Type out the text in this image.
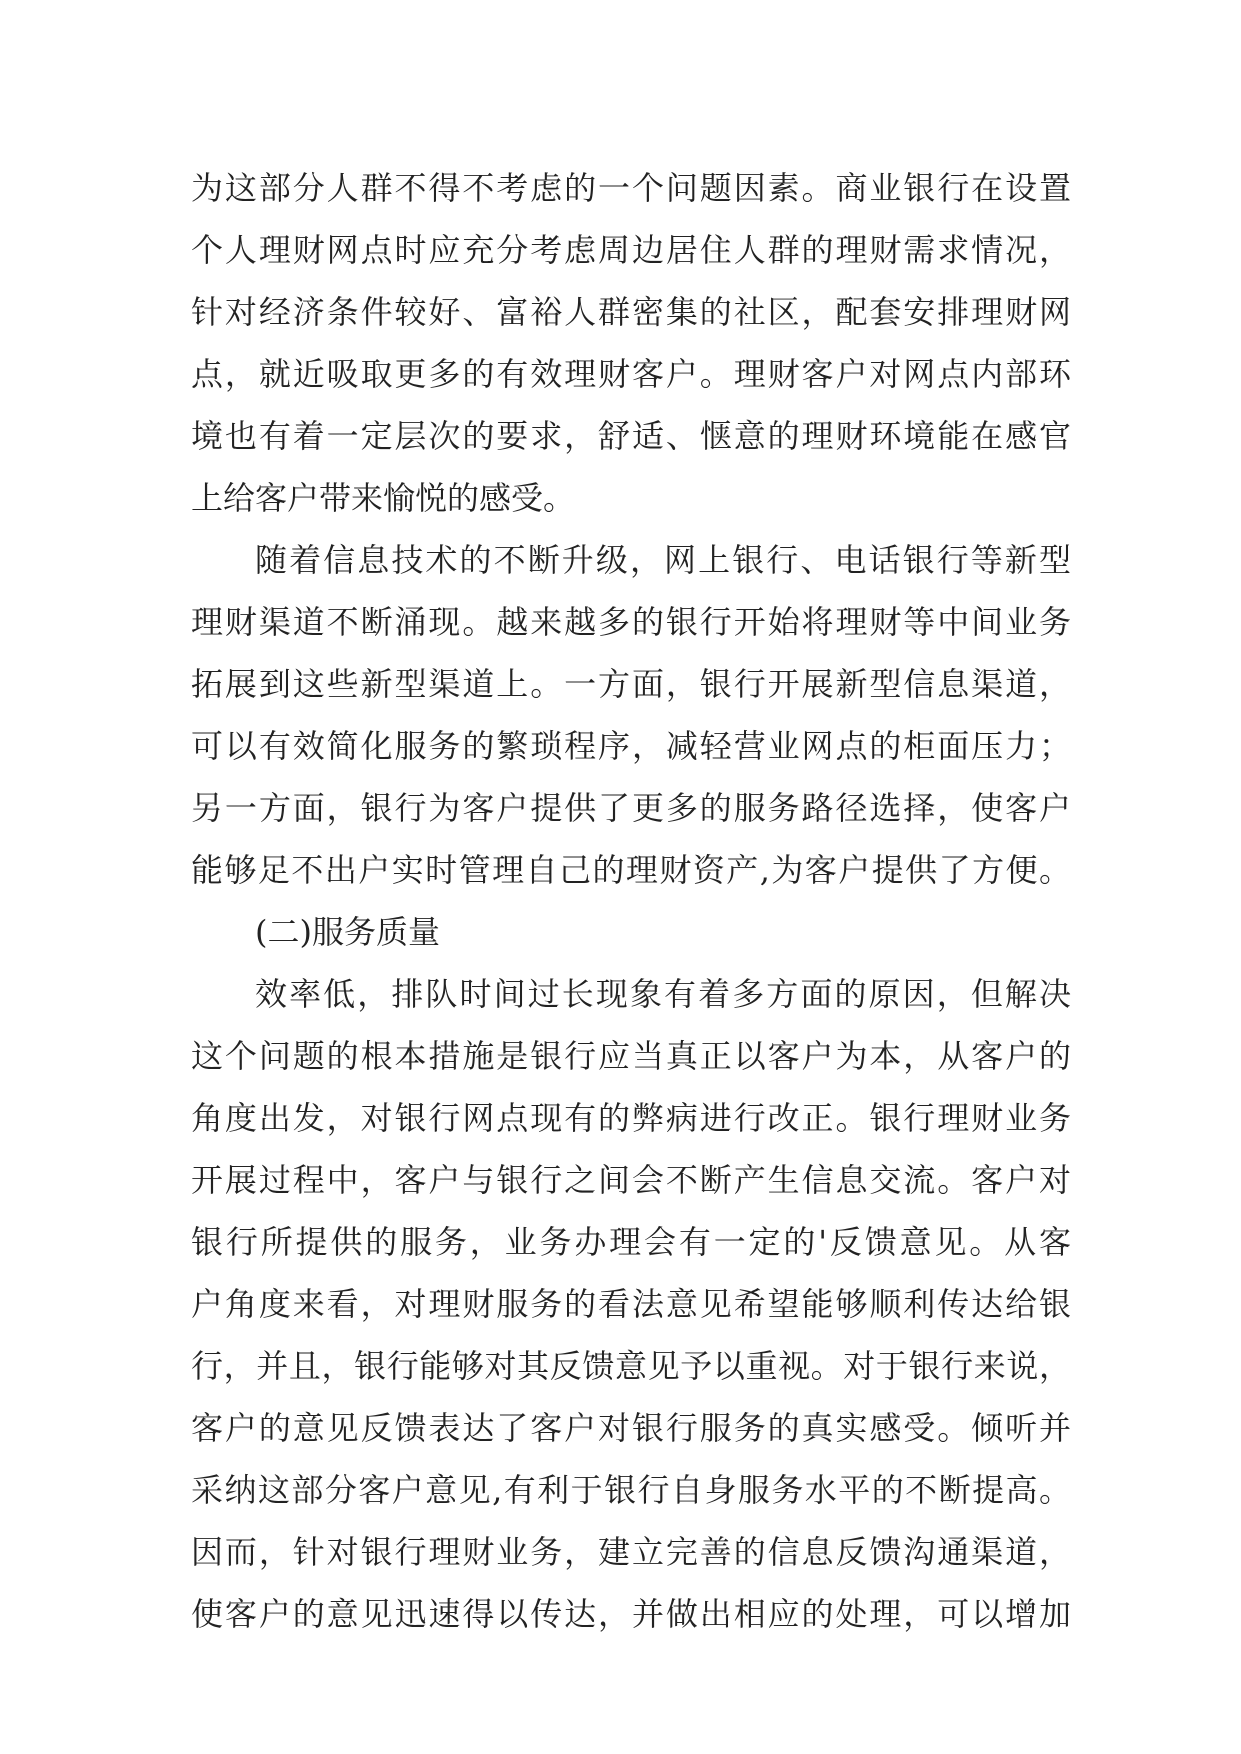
为这部分人群不得不考虑的一个问题因素。商业银行在设置
个人理财网点时应充分考虑周边居住人群的理财需求情况，
针对经济条件较好、富裕人群密集的社区，配套安排理财网
点，就近吸取更多的有效理财客户。理财客户对网点内部环
境也有着一定层次的要求，舒适、惬意的理财环境能在感官
上给客户带来愉悦的感受。
随着信息技术的不断升级，网上银行、电话银行等新型
理财渠道不断涌现。越来越多的银行开始将理财等中间业务
拓展到这些新型渠道上。一方面，银行开展新型信息渠道，
可以有效简化服务的繁琐程序，减轻营业网点的柜面压力；
另一方面，银行为客户提供了更多的服务路径选择，使客户
能够足不出户实时管理自己的理财资产,为客户提供了方便。
(二)服务质量
效率低，排队时间过长现象有着多方面的原因，但解决
这个问题的根本措施是银行应当真正以客户为本，从客户的
角度出发，对银行网点现有的弊病进行改正。银行理财业务
开展过程中，客户与银行之间会不断产生信息交流。客户对
银行所提供的服务，业务办理会有一定的'反馈意见。从客
户角度来看，对理财服务的看法意见希望能够顺利传达给银
行，并且，银行能够对其反馈意见予以重视。对于银行来说，
客户的意见反馈表达了客户对银行服务的真实感受。倾听并
采纳这部分客户意见,有利于银行自身服务水平的不断提高。
因而，针对银行理财业务，建立完善的信息反馈沟通渠道，
使客户的意见迅速得以传达，并做出相应的处理，可以增加
